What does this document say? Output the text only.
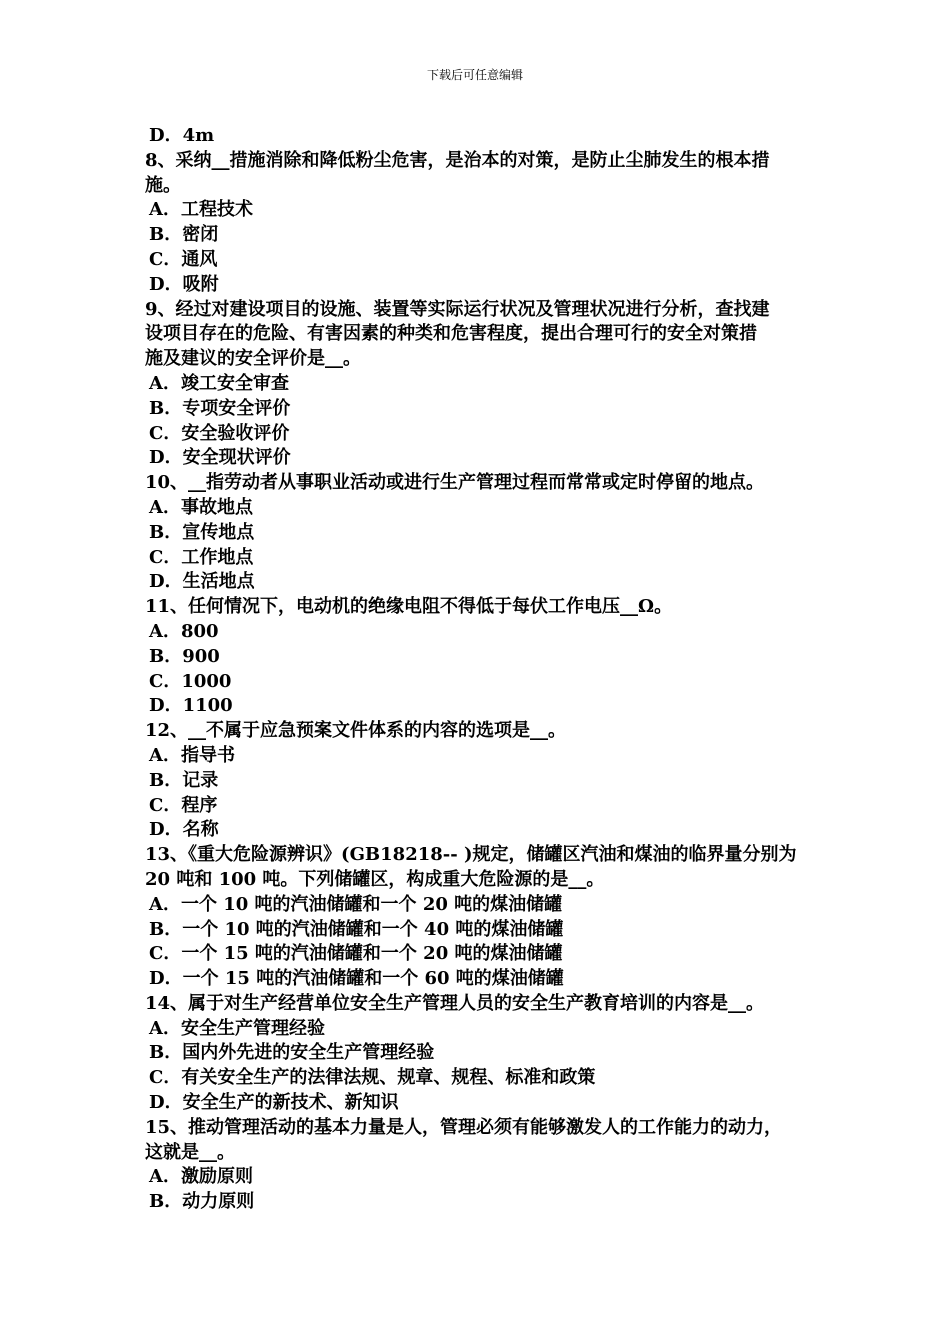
下载后可任意编辑
D．4m
8、采纳__措施消除和降低粉尘危害，是治本的对策，是防止尘肺发生的根本措
施。
A．工程技术
B．密闭
C．通风
D．吸附
9、经过对建设项目的设施、装置等实际运行状况及管理状况进行分析，查找建
设项目存在的危险、有害因素的种类和危害程度，提出合理可行的安全对策措
施及建议的安全评价是__。
A．竣工安全审查
B．专项安全评价
C．安全验收评价
D．安全现状评价
10、__指劳动者从事职业活动或进行生产管理过程而常常或定时停留的地点。
A．事故地点
B．宣传地点
C．工作地点
D．生活地点
11、任何情况下，电动机的绝缘电阻不得低于每伏工作电压__Ω。
A．800
B．900
C．1000
D．1100
12、__不属于应急预案文件体系的内容的选项是__。
A．指导书
B．记录
C．程序
D．名称
13、《重大危险源辨识》(GB18218-- )规定，储罐区汽油和煤油的临界量分别为
20 吨和 100 吨。下列储罐区，构成重大危险源的是__。
A．一个 10 吨的汽油储罐和一个 20 吨的煤油储罐
B．一个 10 吨的汽油储罐和一个 40 吨的煤油储罐
C．一个 15 吨的汽油储罐和一个 20 吨的煤油储罐
D．一个 15 吨的汽油储罐和一个 60 吨的煤油储罐
14、属于对生产经营单位安全生产管理人员的安全生产教育培训的内容是__。
A．安全生产管理经验
B．国内外先进的安全生产管理经验
C．有关安全生产的法律法规、规章、规程、标准和政策
D．安全生产的新技术、新知识
15、推动管理活动的基本力量是人，管理必须有能够激发人的工作能力的动力，
这就是__。
A．激励原则
B．动力原则
